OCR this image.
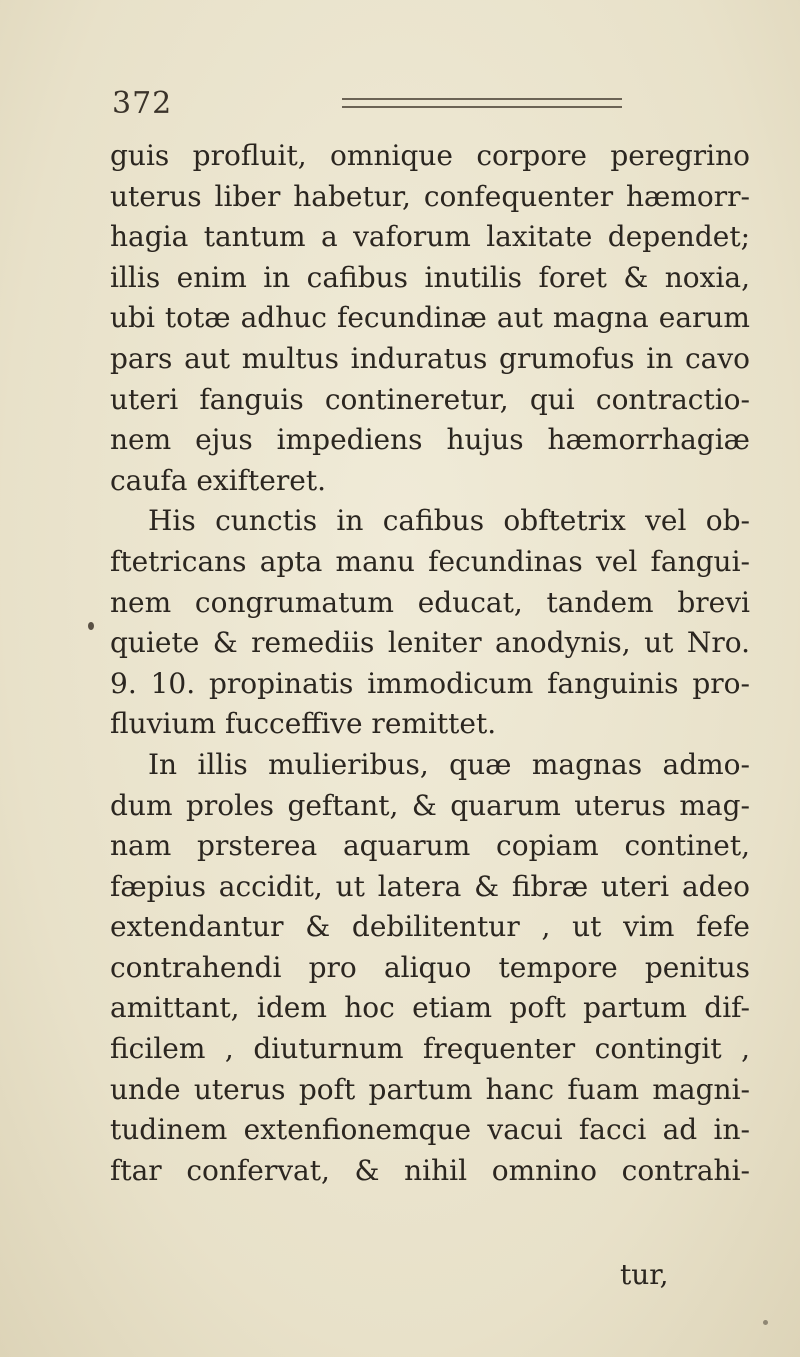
372
guis profluit, omnique corpore peregrino
uterus liber habetur, confequenter hæmorr-
hagia tantum a vaforum laxitate dependet;
illis enim in cafibus inutilis foret & noxia,
ubi totæ adhuc fecundinæ aut magna earum
pars aut multus induratus grumofus in cavo
uteri fanguis contineretur, qui contractio-
nem ejus impediens hujus hæmorrhagiæ
caufa exifteret.
His cunctis in cafibus obftetrix vel ob-
ftetricans apta manu fecundinas vel fangui-
nem congrumatum educat, tandem brevi
quiete & remediis leniter anodynis, ut Nro.
9. 10. propinatis immodicum fanguinis pro-
fluvium fucceffive remittet.
In illis mulieribus, quæ magnas admo-
dum proles geftant, & quarum uterus mag-
nam prsterea aquarum copiam continet,
fæpius accidit, ut latera & fibræ uteri adeo
extendantur & debilitentur , ut vim fefe
contrahendi pro aliquo tempore penitus
amittant, idem hoc etiam poft partum dif-
ficilem , diuturnum frequenter contingit ,
unde uterus poft partum hanc fuam magni-
tudinem extenfionemque vacui facci ad in-
ftar confervat, & nihil omnino contrahi-
tur,
